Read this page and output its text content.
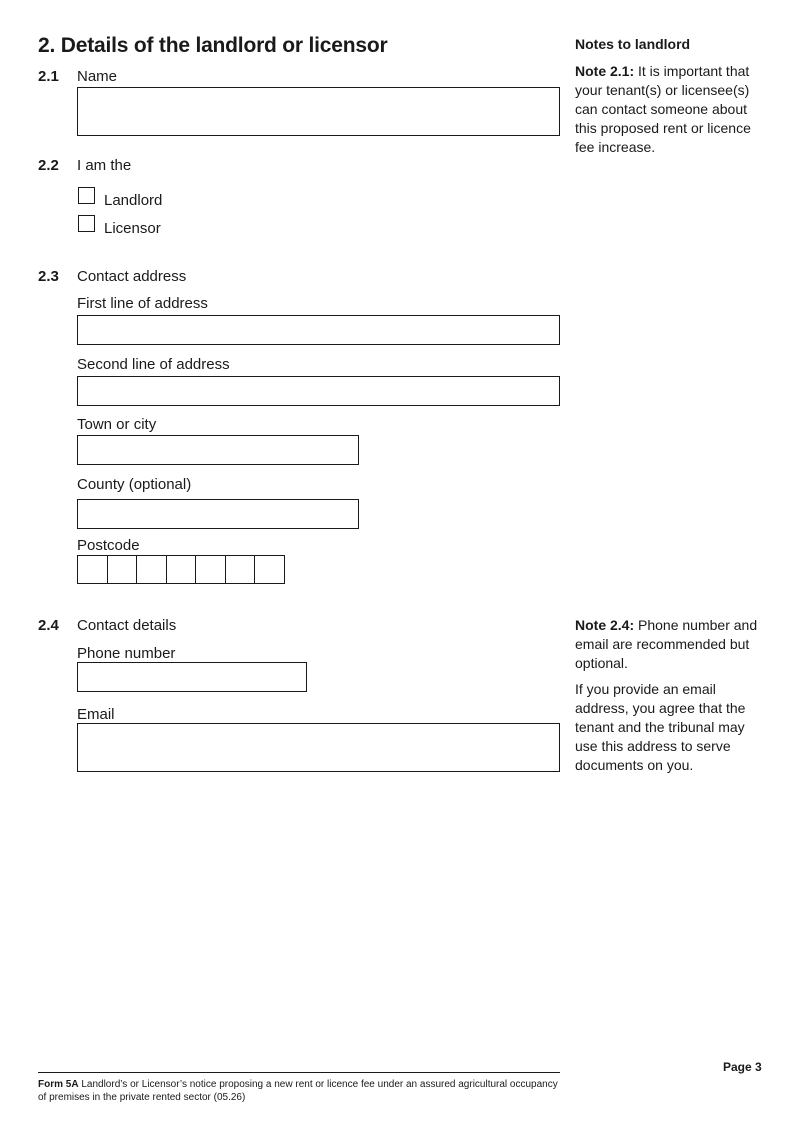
2. Details of the landlord or licensor
2.1 Name
2.2 I am the
Landlord
Licensor
2.3 Contact address
First line of address
Second line of address
Town or city
County (optional)
Postcode
2.4 Contact details
Phone number
Email
Notes to landlord
Note 2.1: It is important that your tenant(s) or licensee(s) can contact someone about this proposed rent or licence fee increase.
Note 2.4: Phone number and email are recommended but optional.
If you provide an email address, you agree that the tenant and the tribunal may use this address to serve documents on you.
Form 5A Landlord’s or Licensor’s notice proposing a new rent or licence fee under an assured agricultural occupancy of premises in the private rented sector (05.26)
Page 3
